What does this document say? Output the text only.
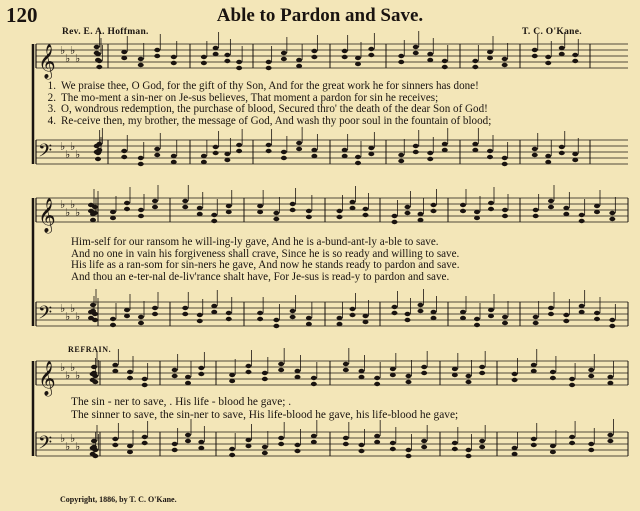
120	Able to Pardon and Save.
Rev. E. A. Hoffman.	T. C. O'Kane.
𝄞 ♭
♭
♭
♭
𝄢 ♭
♭
♭
♭
𝄞 ♭
♭
♭
♭
𝄢 ♭
♭
♭
♭
𝄞 ♭
♭
♭
♭
𝄢 ♭
♭
♭
♭
1. We praise thee, O God, for the gift of thy Son, And for the great work he for sinners has done!
2. The mo-ment a sin-ner on Je-sus believes, That moment a pardon for sin he receives;
3. O, wondrous redemption, the purchase of blood, Secured thro' the death of the dear Son of God!
4. Re-ceive then, my brother, the message of God, And wash thy poor soul in the fountain of blood;
Him-self for our ransom he will-ing-ly gave, And he is a-bund-ant-ly a-ble to save.
And no one in vain his forgiveness shall crave, Since he is so ready and willing to save.
His life as a ran-som for sin-ners he gave, And now he stands ready to pardon and save.
And thou an e-ter-nal de-liv'rance shalt have, For Je-sus is read-y to pardon and save.
REFRAIN.
The sin - ner to save, . His life - blood he gave; .
The sinner to save, the sin-ner to save, His life-blood he gave, his life-blood he gave;
Copyright, 1886, by T. C. O'Kane.
